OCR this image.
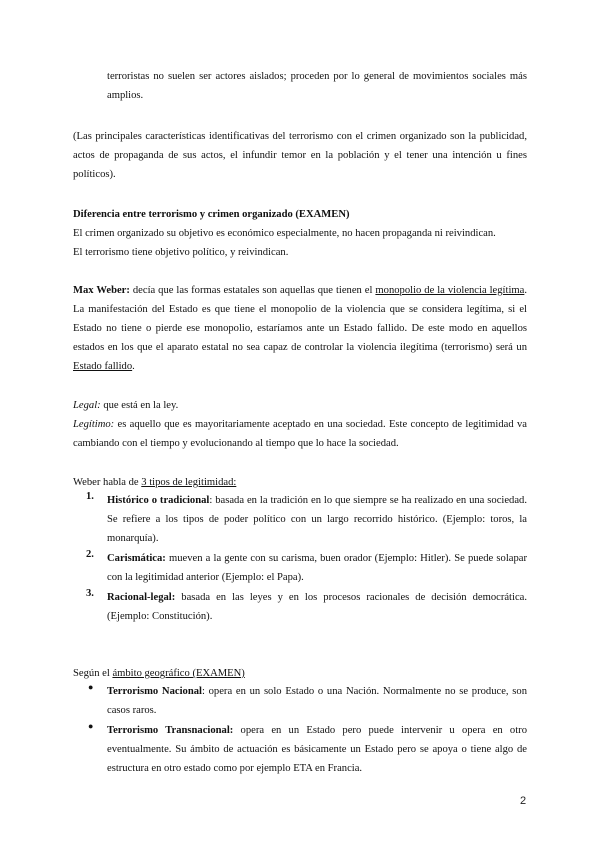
terroristas no suelen ser actores aislados; proceden por lo general de movimientos sociales más amplios.

(Las principales características identificativas del terrorismo con el crimen organizado son la publicidad, actos de propaganda de sus actos, el infundir temor en la población y el tener una intención u fines políticos).

Diferencia entre terrorismo y crimen organizado (EXAMEN)

El crimen organizado su objetivo es económico especialmente, no hacen propaganda ni reivindican.

El terrorismo tiene objetivo político, y reivindican.

Max Weber: decía que las formas estatales son aquellas que tienen el monopolio de la violencia legítima. La manifestación del Estado es que tiene el monopolio de la violencia que se considera legítima, si el Estado no tiene o pierde ese monopolio, estaríamos ante un Estado fallido. De este modo en aquellos estados en los que el aparato estatal no sea capaz de controlar la violencia ilegítima (terrorismo) será un Estado fallido.

Legal: que está en la ley.

Legítimo: es aquello que es mayoritariamente aceptado en una sociedad. Este concepto de legitimidad va cambiando con el tiempo y evolucionando al tiempo que lo hace la sociedad.

Weber habla de 3 tipos de legitimidad:

1. Histórico o tradicional: basada en la tradición en lo que siempre se ha realizado en una sociedad. Se refiere a los tipos de poder político con un largo recorrido histórico. (Ejemplo: toros, la monarquía).

2. Carismática: mueven a la gente con su carisma, buen orador (Ejemplo: Hitler). Se puede solapar con la legitimidad anterior (Ejemplo: el Papa).

3. Racional-legal: basada en las leyes y en los procesos racionales de decisión democrática. (Ejemplo: Constitución).

Según el ámbito geográfico (EXAMEN)

● Terrorismo Nacional: opera en un solo Estado o una Nación. Normalmente no se produce, son casos raros.

● Terrorismo Transnacional: opera en un Estado pero puede intervenir u opera en otro eventualmente. Su ámbito de actuación es básicamente un Estado pero se apoya o tiene algo de estructura en otro estado como por ejemplo ETA en Francia.

2
